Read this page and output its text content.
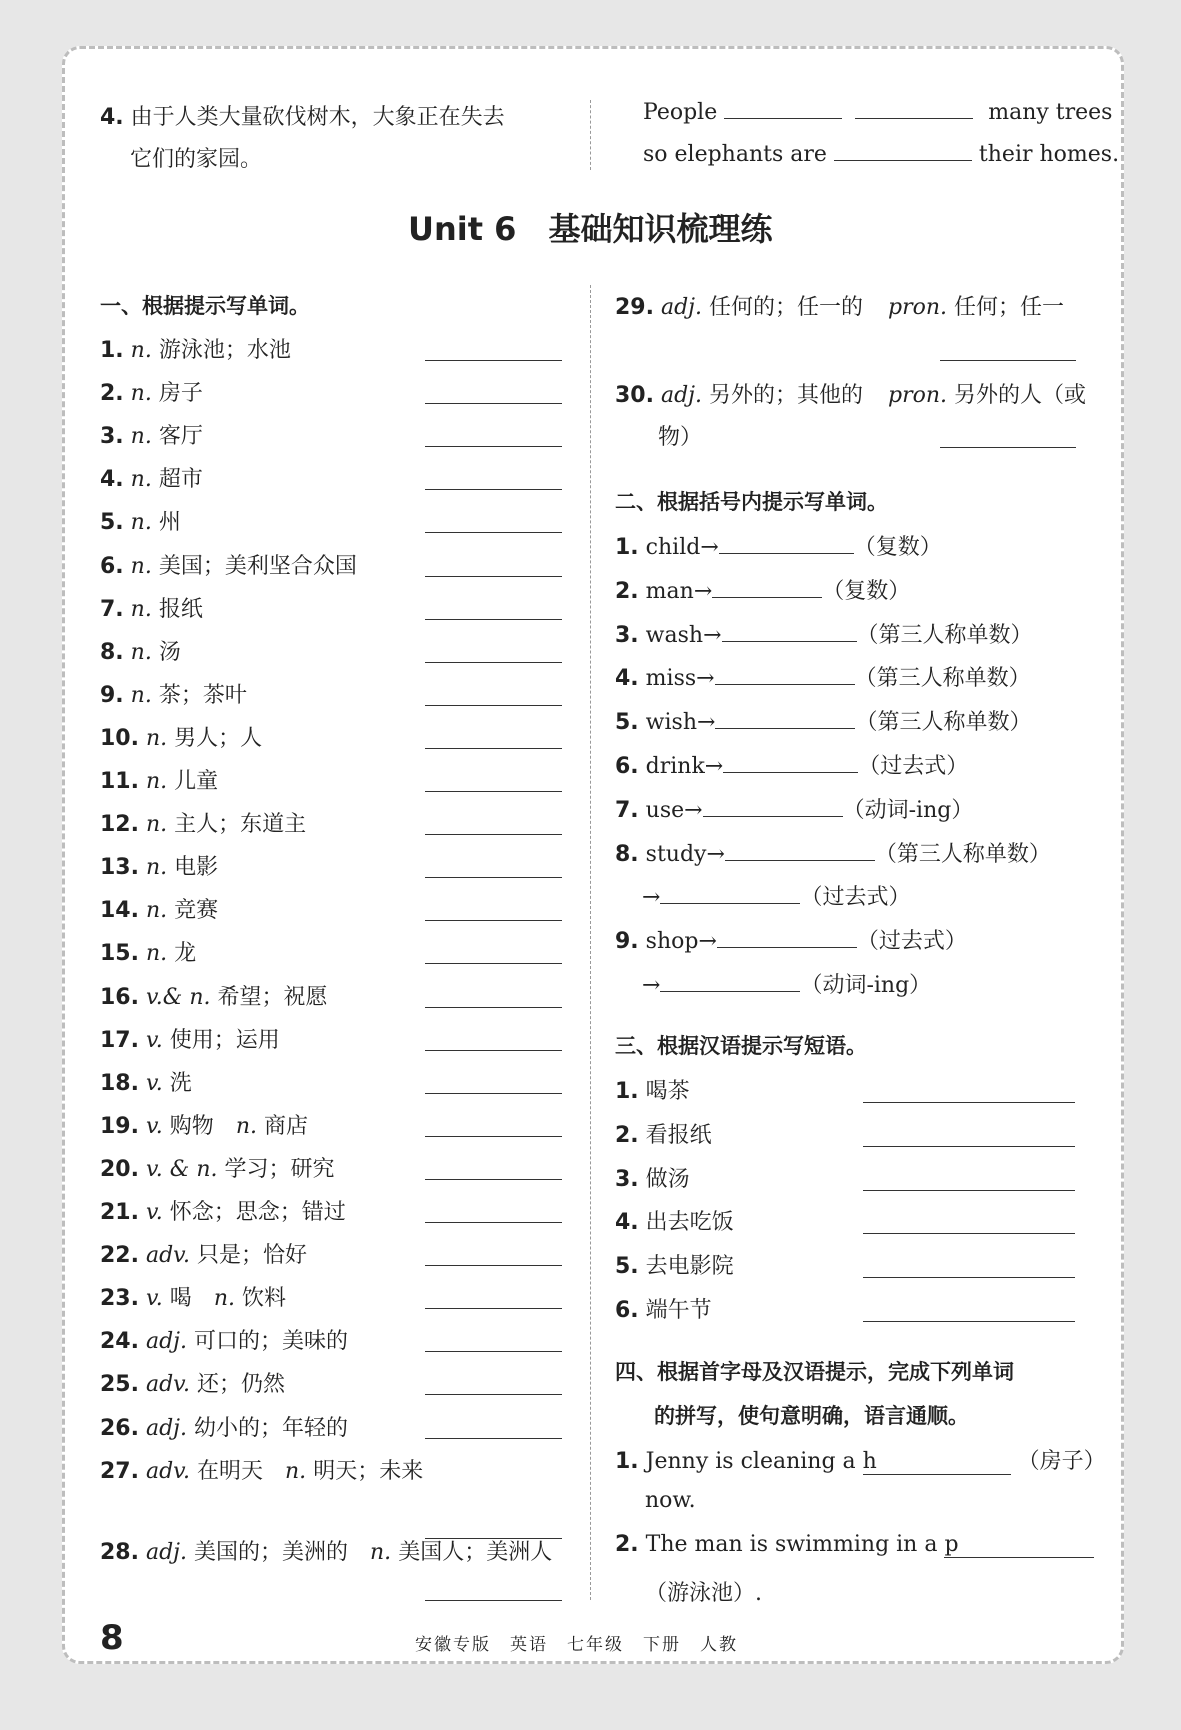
4. 由于人类大量砍伐树木，大象正在失去
它们的家园。
People	many trees
so elephants are	their homes.
Unit 6　基础知识梳理练
一、根据提示写单词。
1. n. 游泳池；水池
2. n. 房子
3. n. 客厅
4. n. 超市
5. n. 州
6. n. 美国；美利坚合众国
7. n. 报纸
8. n. 汤
9. n. 茶；茶叶
10. n. 男人；人
11. n. 儿童
12. n. 主人；东道主
13. n. 电影
14. n. 竞赛
15. n. 龙
16. v.& n. 希望；祝愿
17. v. 使用；运用
18. v. 洗
19. v. 购物 n. 商店
20. v. & n. 学习；研究
21. v. 怀念；思念；错过
22. adv. 只是；恰好
23. v. 喝 n. 饮料
24. adj. 可口的；美味的
25. adv. 还；仍然
26. adj. 幼小的；年轻的
27. adv. 在明天 n. 明天；未来
28. adj. 美国的；美洲的 n. 美国人；美洲人
29. adj. 任何的；任一的 pron. 任何；任一
30. adj. 另外的；其他的 pron. 另外的人（或
物）
二、根据括号内提示写单词。
1. child→	（复数）
2. man→	（复数）
3. wash→	（第三人称单数）
4. miss→	（第三人称单数）
5. wish→	（第三人称单数）
6. drink→	（过去式）
7. use→	（动词-ing）
8. study→	（第三人称单数）
→	（过去式）
9. shop→	（过去式）
→	（动词-ing）
三、根据汉语提示写短语。
1. 喝茶
2. 看报纸
3. 做汤
4. 出去吃饭
5. 去电影院
6. 端午节
四、根据首字母及汉语提示，完成下列单词
的拼写，使句意明确，语言通顺。
1. Jenny is cleaning a h	（房子）
now.
2. The man is swimming in a p
（游泳池）.
8	安徽专版　英语　七年级　下册　人教
